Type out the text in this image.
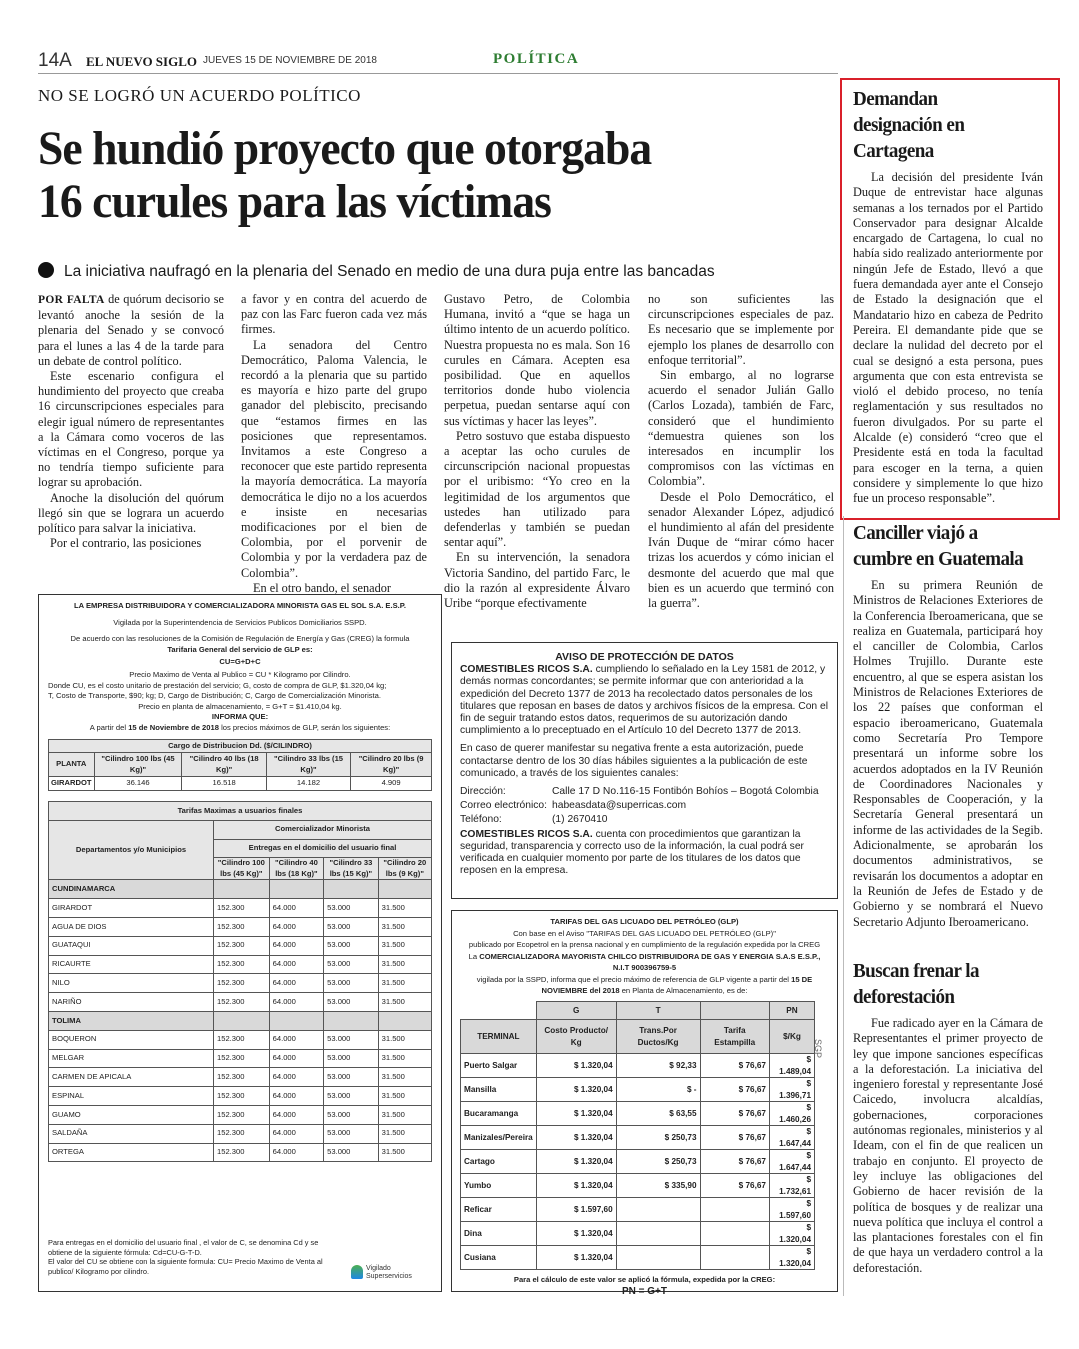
14A EL NUEVO SIGLO JUEVES 15 DE NOVIEMBRE DE 2018	POLÍTICA
NO SE LOGRÓ UN ACUERDO POLÍTICO
Se hundió proyecto que otorgaba
16 curules para las víctimas
La iniciativa naufragó en la plenaria del Senado en medio de una dura puja entre las bancadas

POR FALTA de quórum decisorio se levantó anoche la sesión de la plenaria del Senado y se convocó para el lunes a las 4 de la tarde para un debate de control político.

Este escenario configura el hundimiento del proyecto que creaba 16 circunscripciones especiales para elegir igual número de representantes a la Cámara como voceros de las víctimas en el Congreso, porque ya no tendría tiempo suficiente para lograr su aprobación.

Anoche la disolución del quórum llegó sin que se lograra un acuerdo político para salvar la iniciativa.

Por el contrario, las posiciones

a favor y en contra del acuerdo de paz con las Farc fueron cada vez más firmes.

La senadora del Centro Democrático, Paloma Valencia, le recordó a la plenaria que su partido es mayoría e hizo parte del grupo ganador del plebiscito, precisando que “estamos firmes en las posiciones que representamos. Invitamos a este Congreso a reconocer que este partido representa la mayoría democrática. La mayoría democrática le dijo no a los acuerdos e insiste en necesarias modificaciones por el bien de Colombia, por el porvenir de Colombia y por la verdadera paz de Colombia”.

En el otro bando, el senador

Gustavo Petro, de Colombia Humana, invitó a “que se haga un último intento de un acuerdo político. Nuestra propuesta no es mala. Son 16 curules en Cámara. Acepten esa posibilidad. Que en aquellos territorios donde hubo violencia perpetua, puedan sentarse aquí con sus víctimas y hacer las leyes”.

Petro sostuvo que estaba dispuesto a aceptar las ocho curules de circunscripción nacional propuestas por el uribismo: “Yo creo en la legitimidad de los argumentos que ustedes han utilizado para defenderlas y también se puedan sentar aquí”.

En su intervención, la senadora Victoria Sandino, del partido Farc, le dio la razón al expresidente Álvaro Uribe “porque efectivamente

no son suficientes las circunscripciones especiales de paz. Es necesario que se implemente por ejemplo los planes de desarrollo con enfoque territorial”.

Sin embargo, al no lograrse acuerdo el senador Julián Gallo (Carlos Lozada), también de Farc, consideró que el hundimiento “demuestra quienes son los interesados en incumplir los compromisos con las víctimas en Colombia”.

Desde el Polo Democrático, el senador Alexander López, adjudicó el hundimiento al afán del presidente Iván Duque de “mirar cómo hacer trizas los acuerdos y cómo inician el desmonte del acuerdo que mal que bien es un acuerdo que terminó con la guerra”.

LA EMPRESA DISTRIBUIDORA Y COMERCIALIZADORA MINORISTA GAS EL SOL S.A. E.S.P.
Vigilada por la Superintendencia de Servicios Publicos Domiciliarios SSPD.
De acuerdo con las resoluciones de la Comisión de Regulación de Energía y Gas (CREG) la formula
Tarifaria General del servicio de GLP es:
CU=G+D+C
Precio Maximo de Venta al Publico = CU * Kilogramo por Cilindro.
Donde CU, es el costo unitario de prestación del servicio; G, costo de compra de GLP, $1.320,04 kg;
T, Costo de Transporte, $90; kg; D, Cargo de Distribución; C, Cargo de Comercialización Minorista.
Precio en planta de almacenamiento, = G+T = $1.410,04 kg.
INFORMA QUE:
A partir del 15 de Noviembre de 2018 los precios máximos de GLP, serán los siguientes:
Cargo de Distribucion Dd. ($/CILINDRO)				
PLANTA	"Cilindro 100 lbs (45 Kg)"	"Cilindro 40 lbs (18 Kg)"	"Cilindro 33 lbs (15 Kg)"	"Cilindro 20 lbs (9 Kg)"
GIRARDOT	36.146	16.518	14.182	4.909
Tarifas Maximas a usuarios finales				
Departamentos y/o Municipios	Comercializador Minorista			
	Entregas en el domicilio del usuario final			
	"Cilindro 100 lbs (45 Kg)"	"Cilindro 40 lbs (18 Kg)"	"Cilindro 33 lbs (15 Kg)"	"Cilindro 20 lbs (9 Kg)"
CUNDINAMARCA				
GIRARDOT	152.300	64.000	53.000	31.500
AGUA DE DIOS	152.300	64.000	53.000	31.500
GUATAQUI	152.300	64.000	53.000	31.500
RICAURTE	152.300	64.000	53.000	31.500
NILO	152.300	64.000	53.000	31.500
NARIÑO	152.300	64.000	53.000	31.500
TOLIMA				
BOQUERON	152.300	64.000	53.000	31.500
MELGAR	152.300	64.000	53.000	31.500
CARMEN DE APICALA	152.300	64.000	53.000	31.500
ESPINAL	152.300	64.000	53.000	31.500
GUAMO	152.300	64.000	53.000	31.500
SALDAÑA	152.300	64.000	53.000	31.500
ORTEGA	152.300	64.000	53.000	31.500
Para entregas en el domicilio del usuario final , el valor de C, se denomina Cd y se obtiene de la siguiente fórmula: Cd=CU-G-T-D.
El valor del CU se obtiene con la siguiente formula: CU= Precio Maximo de Venta al publico/ Kilogramo por cilindro.	Vigilado
Superservicios
AVISO DE PROTECCIÓN DE DATOS

COMESTIBLES RICOS S.A. cumpliendo lo señalado en la Ley 1581 de 2012, y demás normas concordantes; se permite informar que con anterioridad a la expedición del Decreto 1377 de 2013 ha recolectado datos personales de los titulares que reposan en bases de datos y archivos físicos de la empresa. Con el fin de seguir tratando estos datos, requerimos de su autorización dando cumplimiento a lo preceptuado en el Artículo 10 del Decreto 1377 de 2013.

En caso de querer manifestar su negativa frente a esta autorización, puede contactarse dentro de los 30 días hábiles siguientes a la publicación de este comunicado, a través de los siguientes canales:

Dirección:	Calle 17 D No.116-15 Fontibón Bohíos – Bogotá Colombia
Correo electrónico: habeasdata@superricas.com
Teléfono:	(1) 2670410

COMESTIBLES RICOS S.A. cuenta con procedimientos que garantizan la seguridad, transparencia y correcto uso de la información, la cual podrá ser verificada en cualquier momento por parte de los titulares de los datos que reposen en la empresa.

TARIFAS DEL GAS LICUADO DEL PETRÓLEO (GLP)
Con base en el Aviso "TARIFAS DEL GAS LICUADO DEL PETRÓLEO (GLP)"
publicado por Ecopetrol en la prensa nacional y en cumplimiento de la regulación expedida por la CREG
La COMERCIALIZADORA MAYORISTA CHILCO DISTRIBUIDORA DE GAS Y ENERGIA S.A.S E.S.P.,
N.I.T 900396759-5
vigilada por la SSPD, informa que el precio máximo de referencia de GLP vigente a partir del 15 DE NOVIEMBRE del 2018 en Planta de Almacenamiento, es de:
	G	T		PN
TERMINAL	Costo Producto/ Kg	Trans.Por Ductos/Kg	Tarifa Estampilla	$/Kg
Puerto Salgar	$ 1.320,04	$ 92,33	$ 76,67	$ 1.489,04
Mansilla	$ 1.320,04	$ -	$ 76,67	$ 1.396,71
Bucaramanga	$ 1.320,04	$ 63,55	$ 76,67	$ 1.460,26
Manizales/Pereira	$ 1.320,04	$ 250,73	$ 76,67	$ 1.647,44
Cartago	$ 1.320,04	$ 250,73	$ 76,67	$ 1.647,44
Yumbo	$ 1.320,04	$ 335,90	$ 76,67	$ 1.732,61
Reficar	$ 1.597,60			$ 1.597,60
Dina	$ 1.320,04			$ 1.320,04
Cusiana	$ 1.320,04			$ 1.320,04
SGP
Para el cálculo de este valor se aplicó la fórmula, expedida por la CREG:
PN = G+T
Demandan designación en Cartagena

La decisión del presidente Iván Duque de entrevistar hace algunas semanas a los ternados por el Partido Conservador para designar Alcalde encargado de Cartagena, lo cual no había sido realizado anteriormente por ningún Jefe de Estado, llevó a que fuera demandada ayer ante el Consejo de Estado la designación que el Mandatario hizo en cabeza de Pedrito Pereira. El demandante pide que se declare la nulidad del decreto por el cual se designó a esta persona, pues argumenta que con esta entrevista se violó el debido proceso, no tenía reglamentación y sus resultados no fueron divulgados. Por su parte el Alcalde (e) consideró “creo que el Presidente está en toda la facultad para escoger en la terna, a quien considere y simplemente lo que hizo fue un proceso responsable”.

Canciller viajó a cumbre en Guatemala

En su primera Reunión de Ministros de Relaciones Exteriores de la Conferencia Iberoamericana, que se realiza en Guatemala, participará hoy el canciller de Colombia, Carlos Holmes Trujillo. Durante este encuentro, al que se espera asistan los Ministros de Relaciones Exteriores de los 22 países que conforman el espacio iberoamericano, Guatemala como Secretaría Pro Tempore presentará un informe sobre los acuerdos adoptados en la IV Reunión de Coordinadores Nacionales y Responsables de Cooperación, y la Secretaría General presentará un informe de las actividades de la Segib. Adicionalmente, se aprobarán los documentos administrativos, se revisarán los documentos a adoptar en la Reunión de Jefes de Estado y de Gobierno y se nombrará el Nuevo Secretario Adjunto Iberoamericano.

Buscan frenar la deforestación

Fue radicado ayer en la Cámara de Representantes el primer proyecto de ley que impone sanciones específicas a la deforestación. La iniciativa del ingeniero forestal y representante José Caicedo, involucra alcaldías, gobernaciones, corporaciones autónomas regionales, ministerios y al Ideam, con el fin de que realicen un trabajo en conjunto. El proyecto de ley incluye las obligaciones del Gobierno de hacer revisión de la política de bosques y de realizar una nueva política que incluya el control a las plantaciones forestales con el fin de que haya un verdadero control a la deforestación.
